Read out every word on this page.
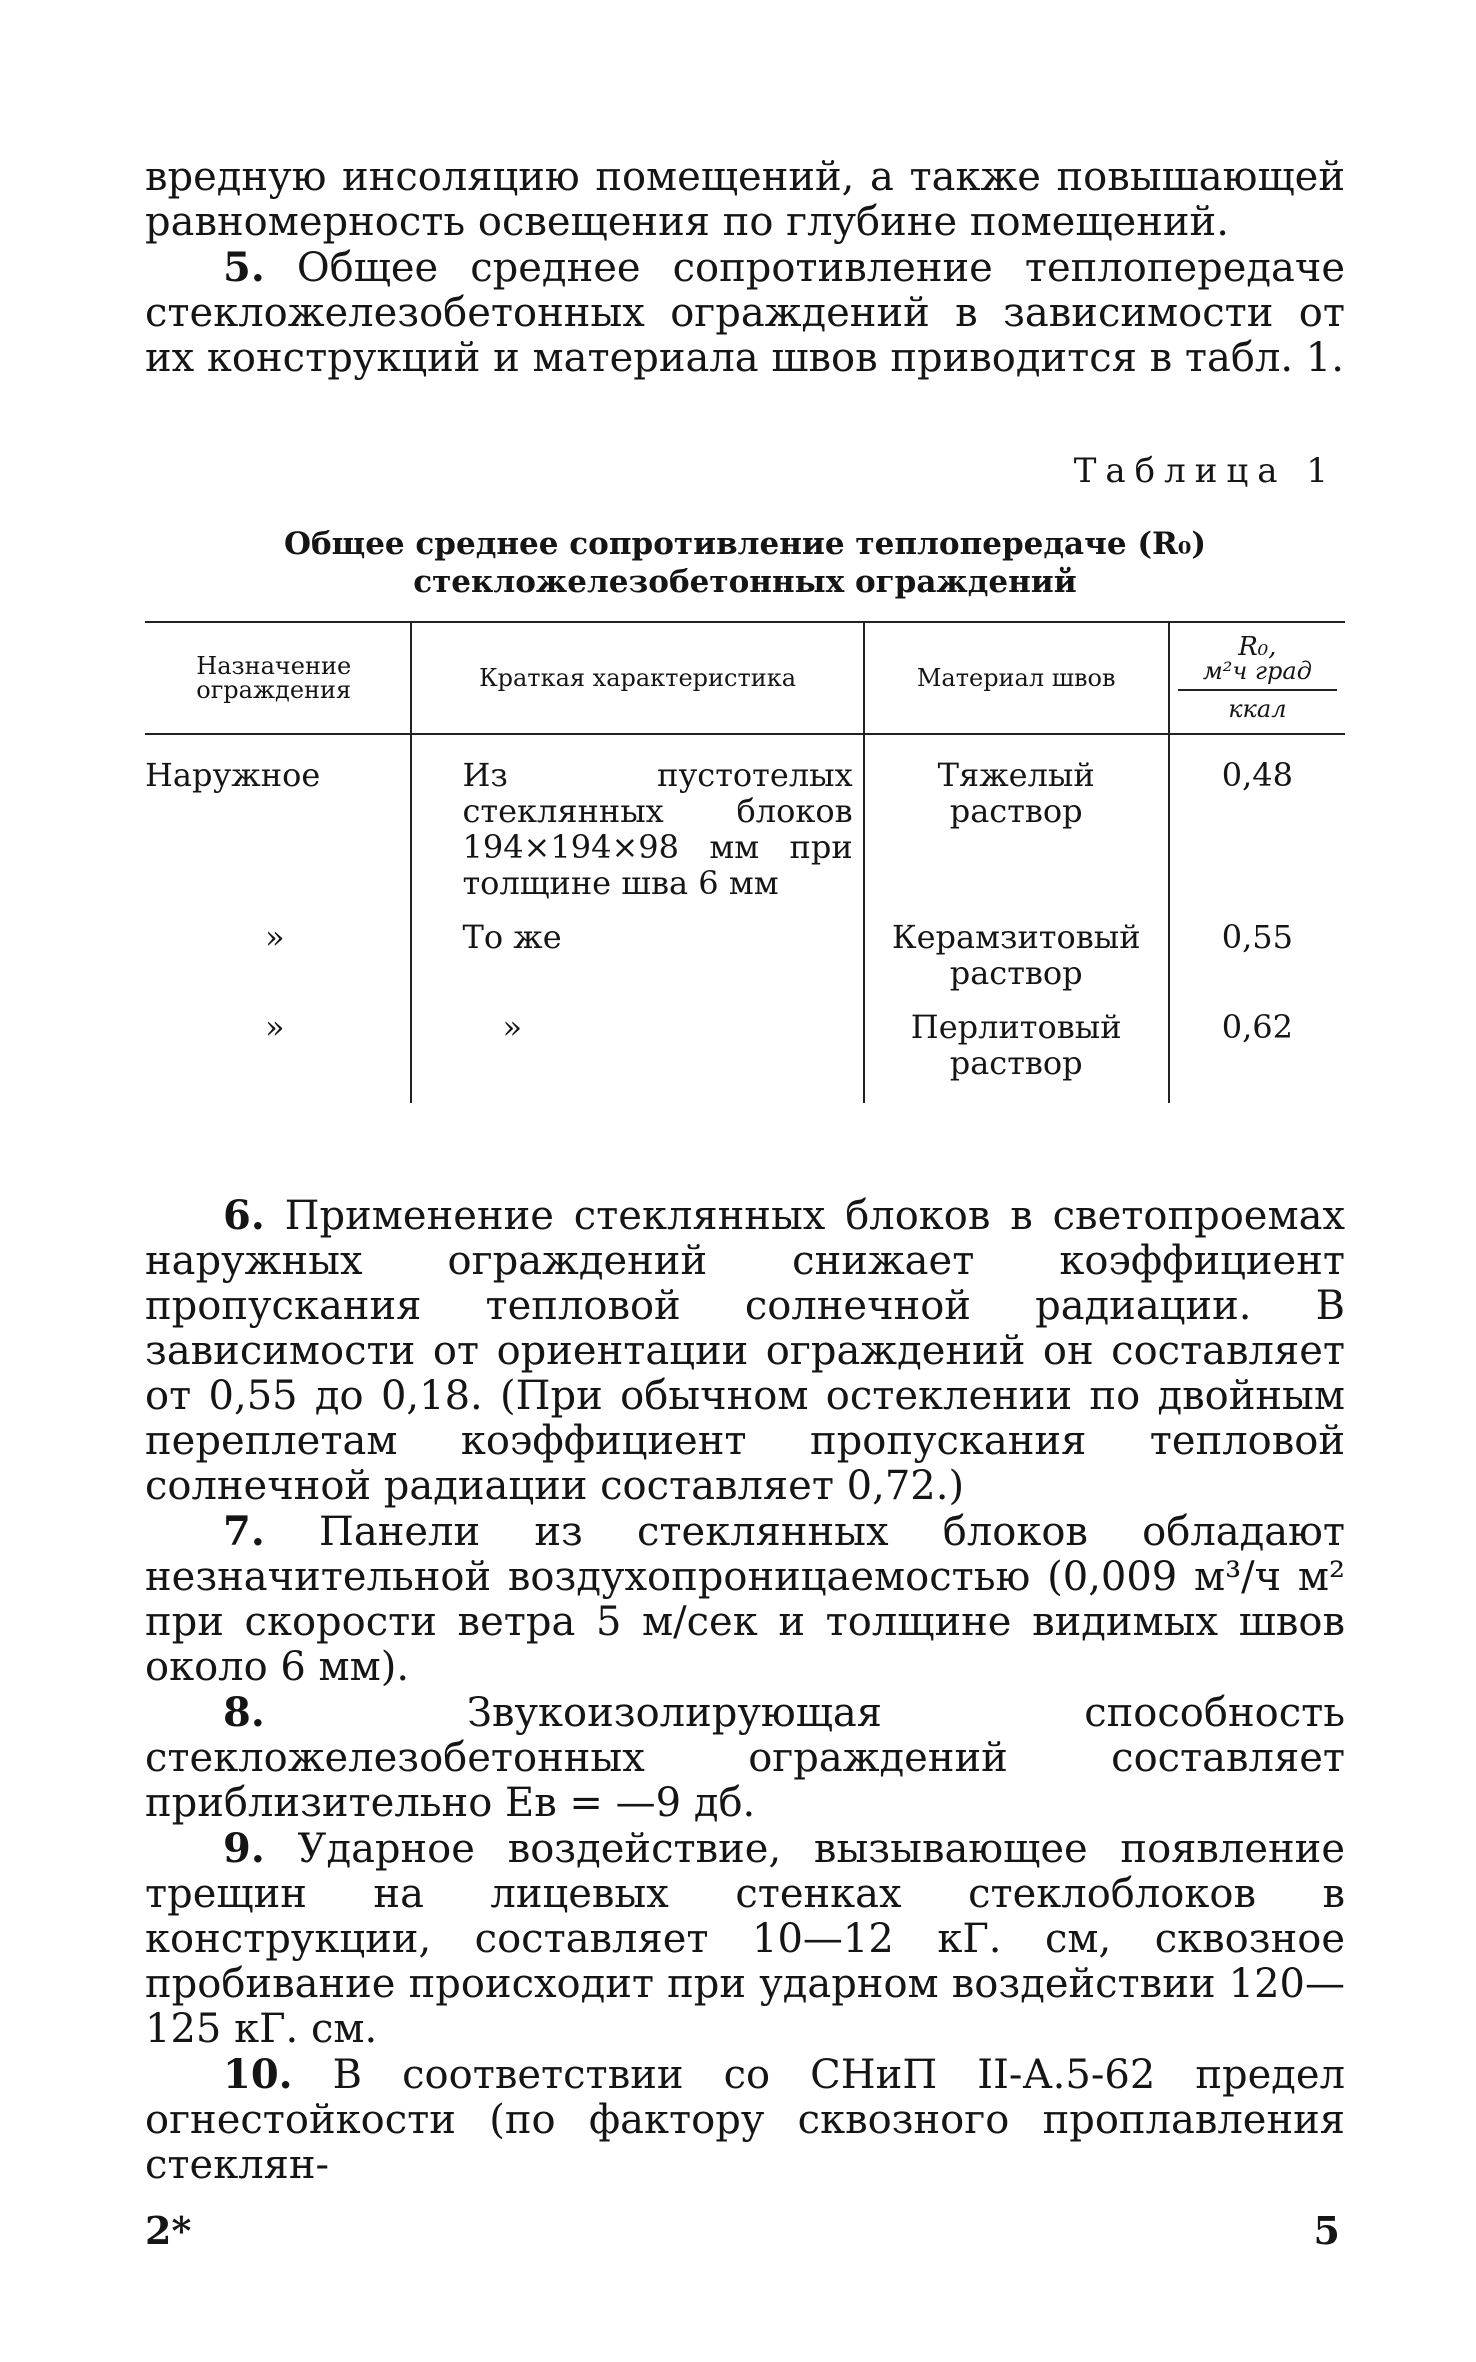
вредную инсоляцию помещений, а также повышающей равномерность освещения по глубине помещений.

5. Общее среднее сопротивление теплопередаче стекложелезобетонных ограждений в зависимости от их конструкций и материала швов приводится в табл. 1.

Таблица 1
Общее среднее сопротивление теплопередаче (R₀)
стекложелезобетонных ограждений
Назначение ограждения	Краткая характеристика	Материал швов	R₀,
м²ч град
ккал

Наружное	Из пустотелых стеклянных блоков 194×194×98 мм при толщине шва 6 мм	Тяжелый раствор	0,48
»	То же	Керамзитовый раствор	0,55
»	»	Перлитовый раствор	0,62

6. Применение стеклянных блоков в светопроемах наружных ограждений снижает коэффициент пропускания тепловой солнечной радиации. В зависимости от ориентации ограждений он составляет от 0,55 до 0,18. (При обычном остеклении по двойным переплетам коэффициент пропускания тепловой солнечной радиации составляет 0,72.)

7. Панели из стеклянных блоков обладают незначительной воздухопроницаемостью (0,009 м³/ч м² при скорости ветра 5 м/сек и толщине видимых швов около 6 мм).

8.	Звукоизолирующая способность стекложелезобетонных ограждений составляет приблизительно Eв = —9 дб.

9. Ударное воздействие, вызывающее появление трещин на лицевых стенках стеклоблоков в конструкции, составляет 10—12 кГ. см, сквозное пробивание происходит при ударном воздействии 120—125 кГ. см.

10. В соответствии со СНиП II-А.5-62 предел огнестойкости (по фактору сквозного проплавления стеклян-

2*	5
